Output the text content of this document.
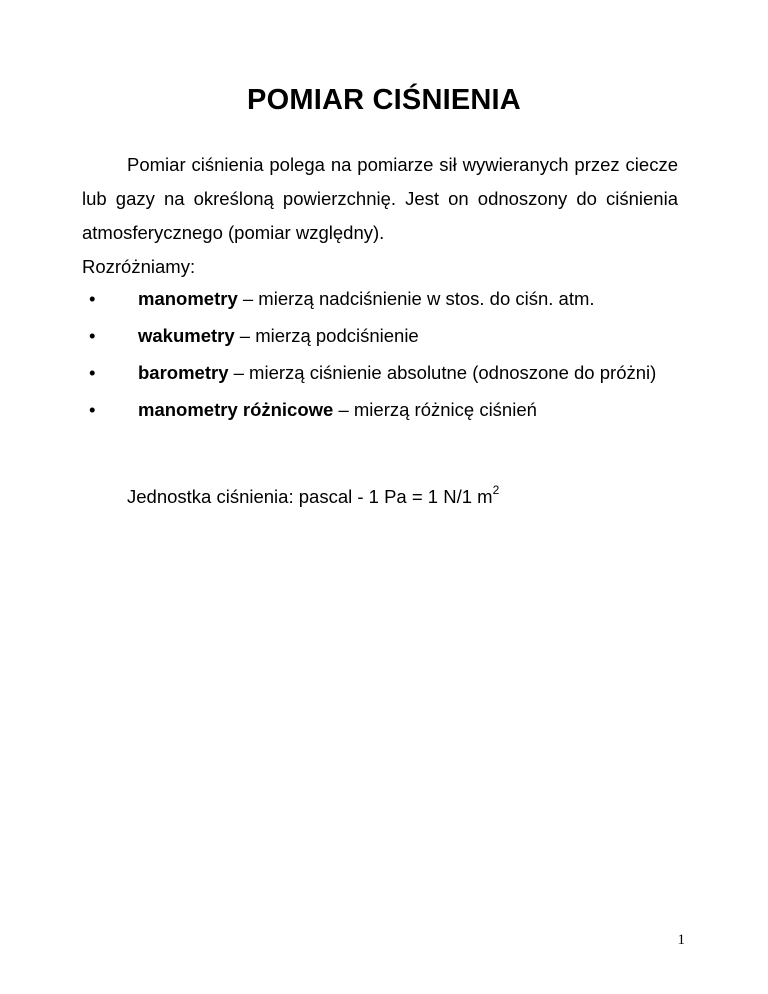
POMIAR CIŚNIENIA
Pomiar ciśnienia polega na pomiarze sił wywieranych przez ciecze lub gazy na określoną powierzchnię. Jest on odnoszony do ciśnienia atmosferycznego (pomiar względny).
Rozróżniamy:
• manometry – mierzą nadciśnienie w stos. do ciśn. atm.
• wakumetry – mierzą podciśnienie
• barometry – mierzą ciśnienie absolutne (odnoszone do próżni)
• manometry różnicowe – mierzą różnicę ciśnień
Jednostka ciśnienia: pascal - 1 Pa = 1 N/1 $m^2$
1
